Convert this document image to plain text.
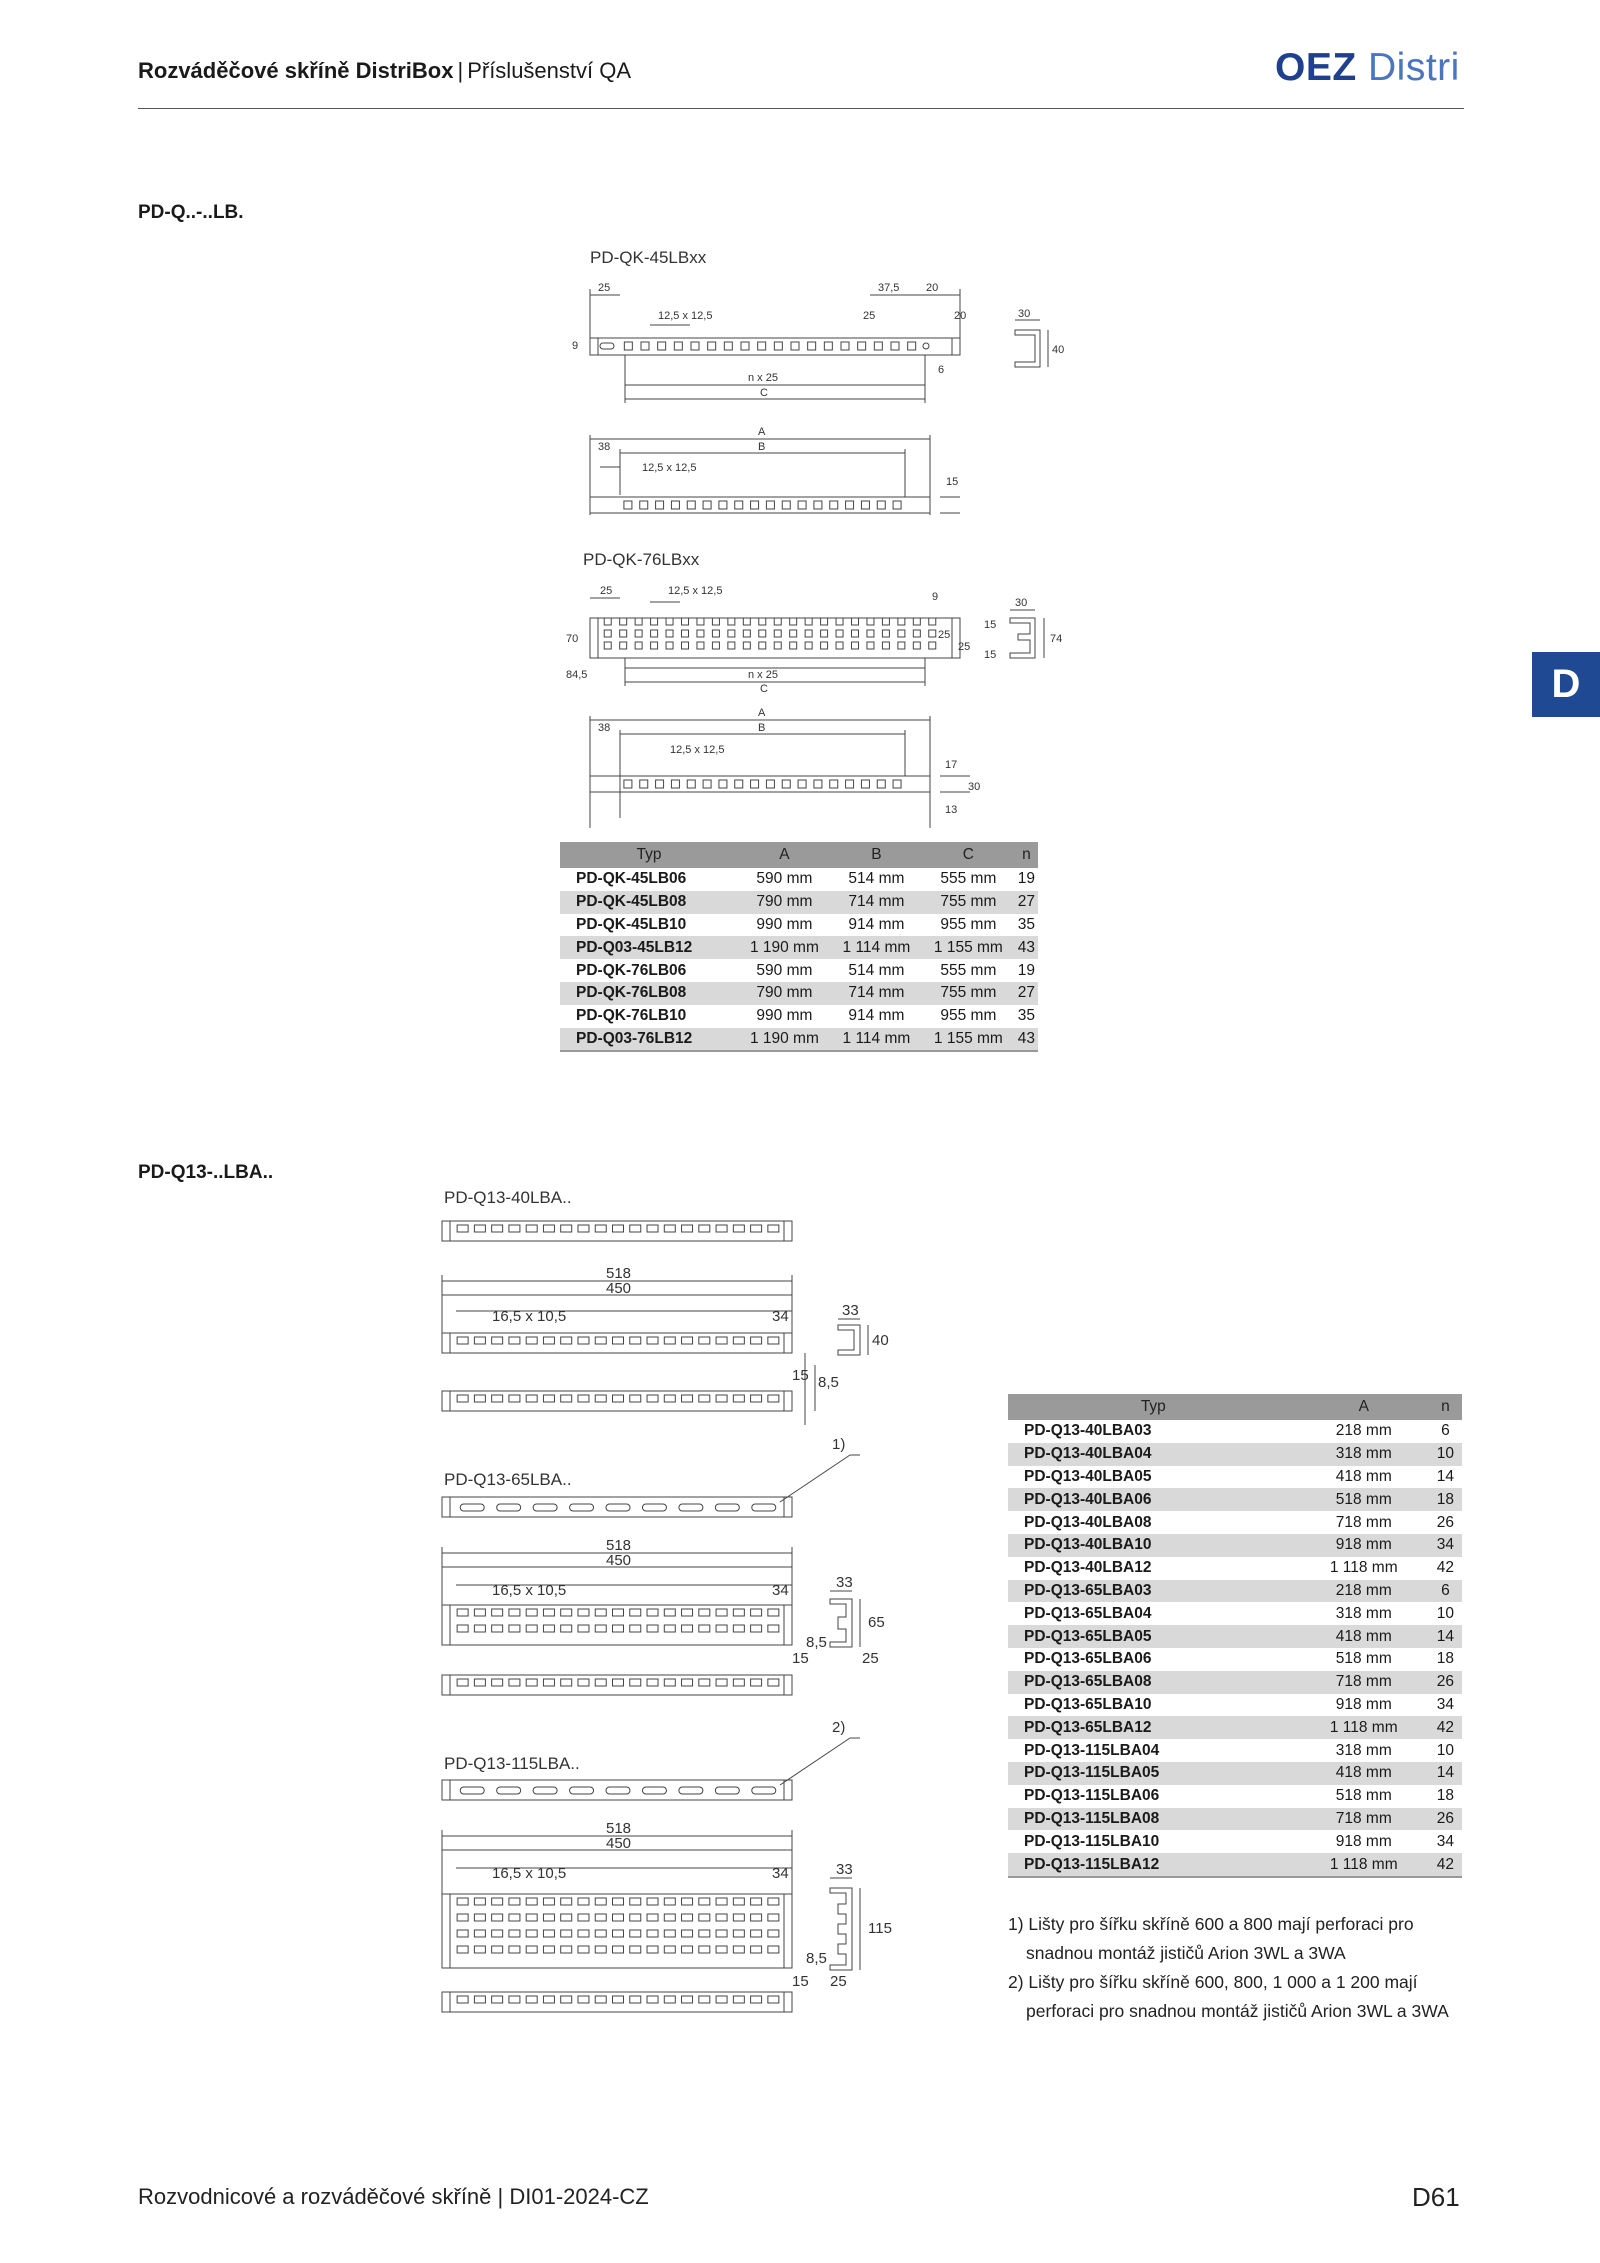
Rozváděčové skříně DistriBox | Příslušenství QA	OEZ Distri
D
PD-Q..-..LB.
PD-QK-45LBxx
25
12,5 x 12,5
37,5 20
25	20
9
6
n x 25
C
30
40
A
B
38
12,5 x 12,5
15
PD-QK-76LBxx
25	12,5 x 12,5	9
70
84,5
25
25
30
15
15
74
n x 25
C
A
B
38
12,5 x 12,5
17
30
13
Typ	A	B	C	n
PD-QK-45LB06	590 mm	514 mm	555 mm	19
PD-QK-45LB08	790 mm	714 mm	755 mm	27
PD-QK-45LB10	990 mm	914 mm	955 mm	35
PD-Q03-45LB12	1 190 mm	1 114 mm	1 155 mm	43
PD-QK-76LB06	590 mm	514 mm	555 mm	19
PD-QK-76LB08	790 mm	714 mm	755 mm	27
PD-QK-76LB10	990 mm	914 mm	955 mm	35
PD-Q03-76LB12	1 190 mm	1 114 mm	1 155 mm	43
PD-Q13-..LBA..
PD-Q13-40LBA..
518
450
16,5 x 10,5	34	33
40
15 8,5
PD-Q13-65LBA..
1)
518
450
16,5 x 10,5	34	33
65
15
8,5
25
PD-Q13-115LBA..
2)
518
450
16,5 x 10,5	34	33
115
15
8,5
25
Typ	A	n
PD-Q13-40LBA03	218 mm	6
PD-Q13-40LBA04	318 mm	10
PD-Q13-40LBA05	418 mm	14
PD-Q13-40LBA06	518 mm	18
PD-Q13-40LBA08	718 mm	26
PD-Q13-40LBA10	918 mm	34
PD-Q13-40LBA12	1 118 mm	42
PD-Q13-65LBA03	218 mm	6
PD-Q13-65LBA04	318 mm	10
PD-Q13-65LBA05	418 mm	14
PD-Q13-65LBA06	518 mm	18
PD-Q13-65LBA08	718 mm	26
PD-Q13-65LBA10	918 mm	34
PD-Q13-65LBA12	1 118 mm	42
PD-Q13-115LBA04	318 mm	10
PD-Q13-115LBA05	418 mm	14
PD-Q13-115LBA06	518 mm	18
PD-Q13-115LBA08	718 mm	26
PD-Q13-115LBA10	918 mm	34
PD-Q13-115LBA12	1 118 mm	42

1) Lišty pro šířku skříně 600 a 800 mají perforaci pro snadnou montáž jističů Arion 3WL a 3WA

2) Lišty pro šířku skříně 600, 800, 1 000 a 1 200 mají perforaci pro snadnou montáž jističů Arion 3WL a 3WA

Rozvodnicové a rozváděčové skříně | DI01-2024-CZ	D61
